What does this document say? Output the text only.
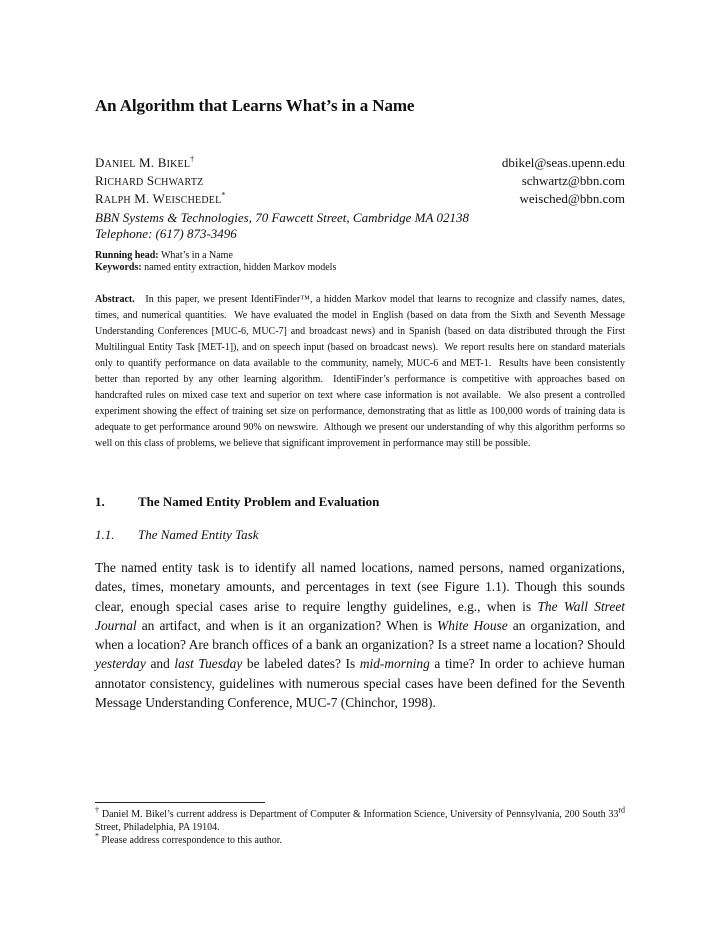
An Algorithm that Learns What’s in a Name
DANIEL M. BIKEL†	dbikel@seas.upenn.edu
RICHARD SCHWARTZ	schwartz@bbn.com
RALPH M. WEISCHEDEL*	weisched@bbn.com
BBN Systems & Technologies, 70 Fawcett Street, Cambridge MA 02138
Telephone: (617) 873-3496
Running head: What’s in a Name
Keywords: named entity extraction, hidden Markov models
Abstract.   In this paper, we present IdentiFinder™, a hidden Markov model that learns to recognize and classify names, dates, times, and numerical quantities.  We have evaluated the model in English (based on data from the Sixth and Seventh Message Understanding Conferences [MUC-6, MUC-7] and broadcast news) and in Spanish (based on data distributed through the First Multilingual Entity Task [MET-1]), and on speech input (based on broadcast news).  We report results here on standard materials only to quantify performance on data available to the community, namely, MUC-6 and MET-1.  Results have been consistently better than reported by any other learning algorithm.  IdentiFinder’s performance is competitive with approaches based on handcrafted rules on mixed case text and superior on text where case information is not available.  We also present a controlled experiment showing the effect of training set size on performance, demonstrating that as little as 100,000 words of training data is adequate to get performance around 90% on newswire.  Although we present our understanding of why this algorithm performs so well on this class of problems, we believe that significant improvement in performance may still be possible.
1.	The Named Entity Problem and Evaluation
1.1. The Named Entity Task
The named entity task is to identify all named locations, named persons, named organizations, dates, times, monetary amounts, and percentages in text (see Figure 1.1). Though this sounds clear, enough special cases arise to require lengthy guidelines, e.g., when is The Wall Street Journal an artifact, and when is it an organization? When is White House an organization, and when a location? Are branch offices of a bank an organization? Is a street name a location? Should yesterday and last Tuesday be labeled dates? Is mid-morning a time? In order to achieve human annotator consistency, guidelines with numerous special cases have been defined for the Seventh Message Understanding Conference, MUC-7 (Chinchor, 1998).

† Daniel M. Bikel’s current address is Department of Computer & Information Science, University of Pennsylvania, 200 South 33rd Street, Philadelphia, PA 19104.

* Please address correspondence to this author.
